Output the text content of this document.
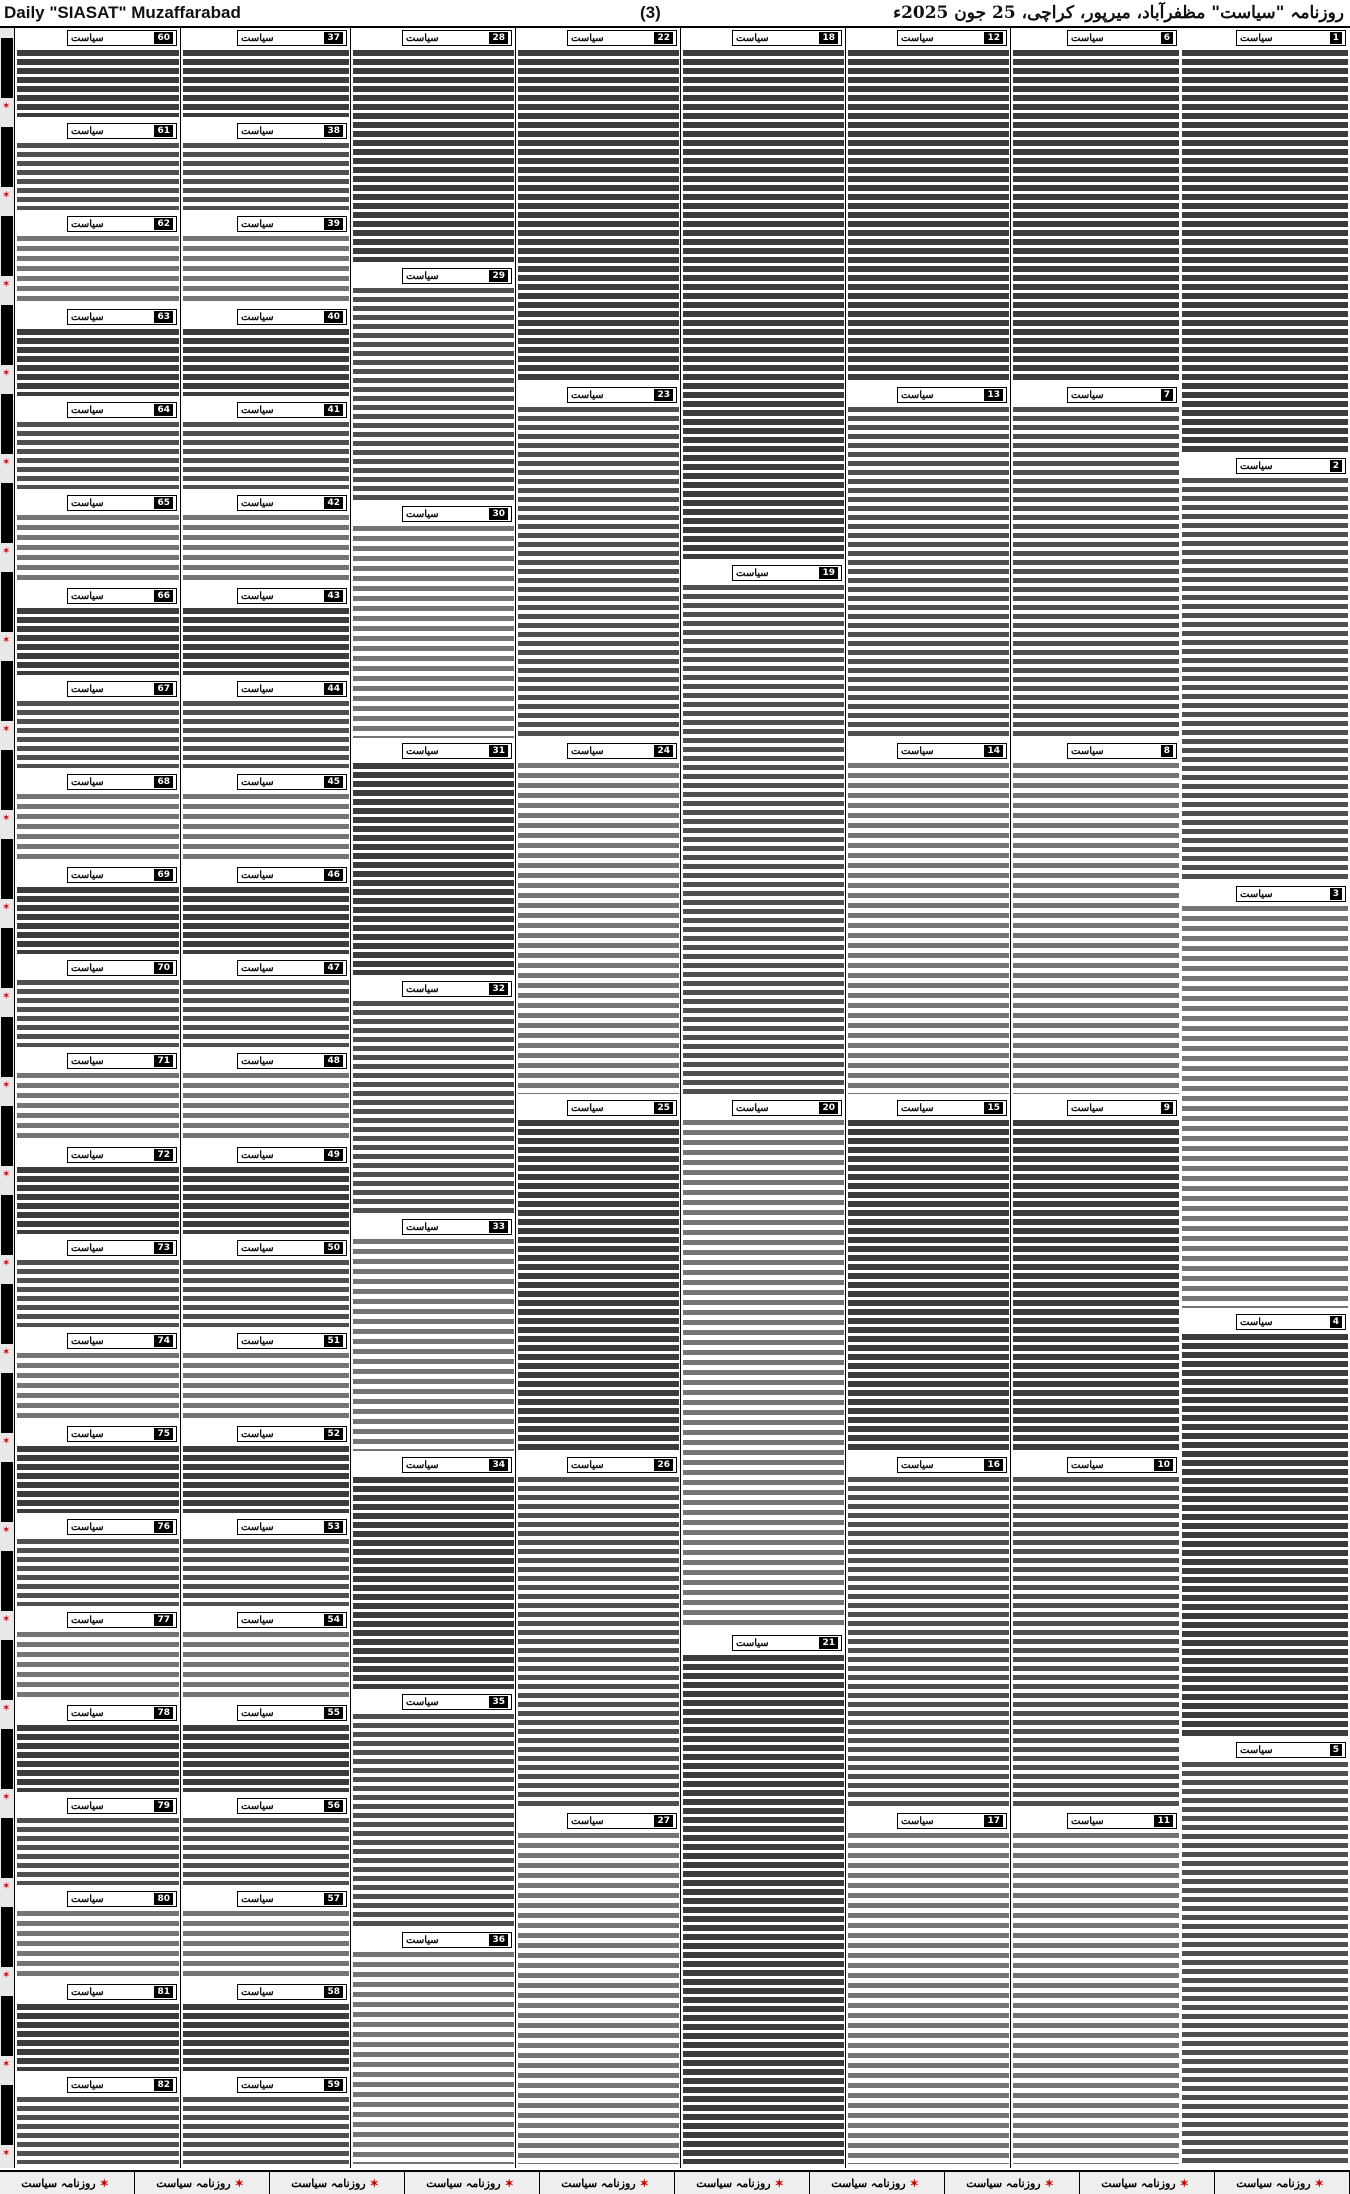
Daily "SIASAT" Muzaffarabad	(3)	روزنامہ "سیاست" مظفرآباد، میرپور، کراچی، 25 جون 2025ء
✶
✶
✶
✶
✶
✶
✶
✶
✶
✶
✶
✶
✶
✶
✶
✶
✶
✶
✶
✶
✶
✶
✶
✶
سیاست	1
سیاست	2
سیاست	3
سیاست	4
سیاست	5
سیاست	6
سیاست	7
سیاست	8
سیاست	9
سیاست	10
سیاست	11
سیاست	12
سیاست	13
سیاست	14
سیاست	15
سیاست	16
سیاست	17
سیاست	18
سیاست	19
سیاست	20
سیاست	21
سیاست	22
سیاست	23
سیاست	24
سیاست	25
سیاست	26
سیاست	27
سیاست	28
سیاست	29
سیاست	30
سیاست	31
سیاست	32
سیاست	33
سیاست	34
سیاست	35
سیاست	36
سیاست	37
سیاست	38
سیاست	39
سیاست	40
سیاست	41
سیاست	42
سیاست	43
سیاست	44
سیاست	45
سیاست	46
سیاست	47
سیاست	48
سیاست	49
سیاست	50
سیاست	51
سیاست	52
سیاست	53
سیاست	54
سیاست	55
سیاست	56
سیاست	57
سیاست	58
سیاست	59
سیاست	60
سیاست	61
سیاست	62
سیاست	63
سیاست	64
سیاست	65
سیاست	66
سیاست	67
سیاست	68
سیاست	69
سیاست	70
سیاست	71
سیاست	72
سیاست	73
سیاست	74
سیاست	75
سیاست	76
سیاست	77
سیاست	78
سیاست	79
سیاست	80
سیاست	81
سیاست	82
✶
روزنامہ سیاست	✶
روزنامہ سیاست	✶
روزنامہ سیاست	✶
روزنامہ سیاست	✶
روزنامہ سیاست	✶
روزنامہ سیاست	✶
روزنامہ سیاست	✶
روزنامہ سیاست	✶
روزنامہ سیاست	✶
روزنامہ سیاست
